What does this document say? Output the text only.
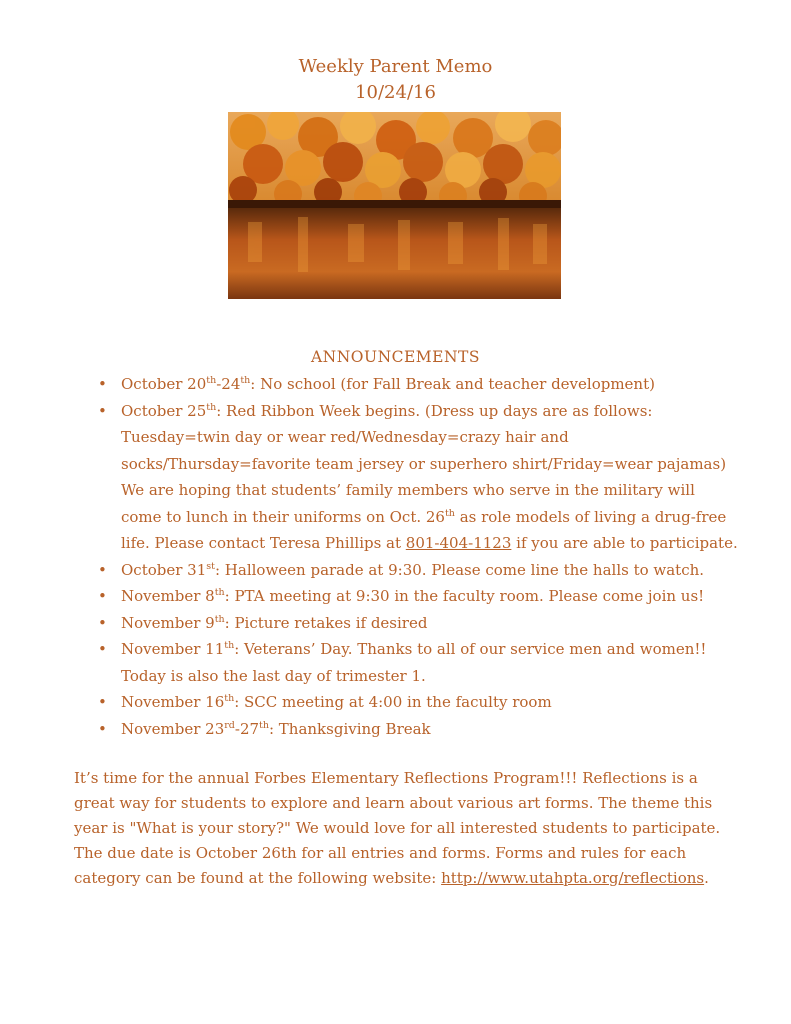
Weekly Parent Memo
10/24/16
ANNOUNCEMENTS
• October 20th-24th: No school (for Fall Break and teacher development)
• October 25th: Red Ribbon Week begins. (Dress up days are as follows: Tuesday=twin day or wear red/Wednesday=crazy hair and socks/Thursday=favorite team jersey or superhero shirt/Friday=wear pajamas) We are hoping that students’ family members who serve in the military will come to lunch in their uniforms on Oct. 26th as role models of living a drug-free life. Please contact Teresa Phillips at 801-404-1123 if you are able to participate.
• October 31st: Halloween parade at 9:30. Please come line the halls to watch.
• November 8th: PTA meeting at 9:30 in the faculty room. Please come join us!
• November 9th: Picture retakes if desired
• November 11th: Veterans’ Day. Thanks to all of our service men and women!! Today is also the last day of trimester 1.
• November 16th: SCC meeting at 4:00 in the faculty room
• November 23rd-27th: Thanksgiving Break

It’s time for the annual Forbes Elementary Reflections Program!!! Reflections is a great way for students to explore and learn about various art forms. The theme this year is "What is your story?" We would love for all interested students to participate. The due date is October 26th for all entries and forms. Forms and rules for each category can be found at the following website: http://www.utahpta.org/reflections.
